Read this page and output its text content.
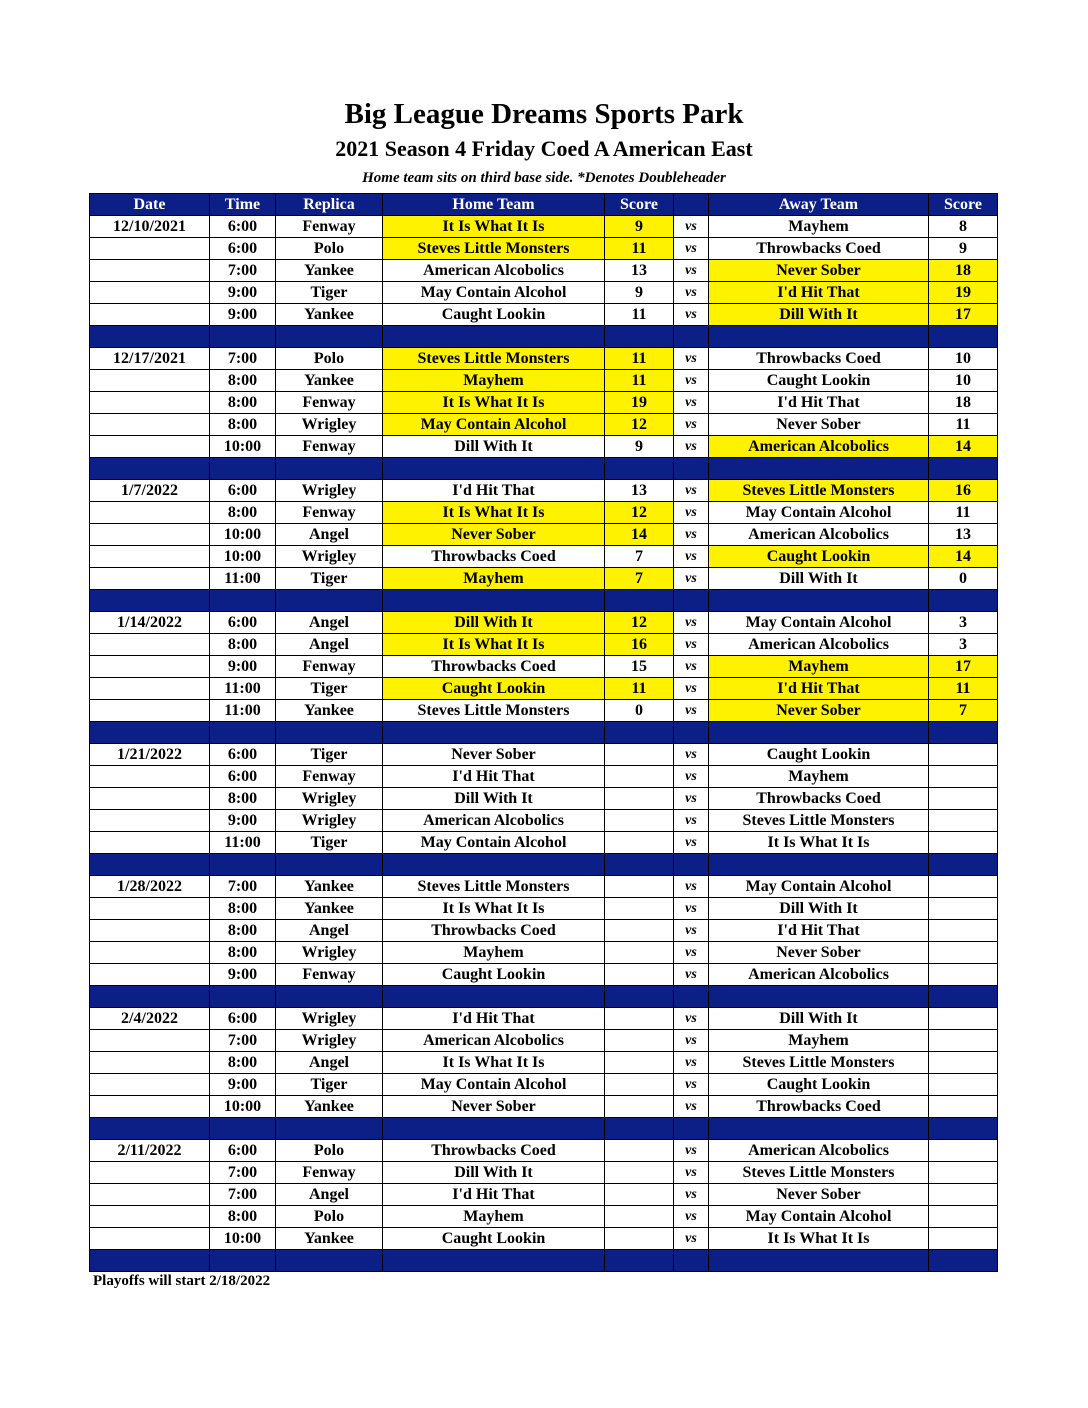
Big League Dreams Sports Park
2021 Season 4 Friday Coed A American East
Home team sits on third base side. *Denotes Doubleheader
Date	Time	Replica	Home Team	Score		Away Team	Score
12/10/2021	6:00	Fenway	It Is What It Is	9	vs	Mayhem	8
	6:00	Polo	Steves Little Monsters	11	vs	Throwbacks Coed	9
	7:00	Yankee	American Alcobolics	13	vs	Never Sober	18
	9:00	Tiger	May Contain Alcohol	9	vs	I'd Hit That	19
	9:00	Yankee	Caught Lookin	11	vs	Dill With It	17

12/17/2021	7:00	Polo	Steves Little Monsters	11	vs	Throwbacks Coed	10
	8:00	Yankee	Mayhem	11	vs	Caught Lookin	10
	8:00	Fenway	It Is What It Is	19	vs	I'd Hit That	18
	8:00	Wrigley	May Contain Alcohol	12	vs	Never Sober	11
	10:00	Fenway	Dill With It	9	vs	American Alcobolics	14

1/7/2022	6:00	Wrigley	I'd Hit That	13	vs	Steves Little Monsters	16
	8:00	Fenway	It Is What It Is	12	vs	May Contain Alcohol	11
	10:00	Angel	Never Sober	14	vs	American Alcobolics	13
	10:00	Wrigley	Throwbacks Coed	7	vs	Caught Lookin	14
	11:00	Tiger	Mayhem	7	vs	Dill With It	0

1/14/2022	6:00	Angel	Dill With It	12	vs	May Contain Alcohol	3
	8:00	Angel	It Is What It Is	16	vs	American Alcobolics	3
	9:00	Fenway	Throwbacks Coed	15	vs	Mayhem	17
	11:00	Tiger	Caught Lookin	11	vs	I'd Hit That	11
	11:00	Yankee	Steves Little Monsters	0	vs	Never Sober	7

1/21/2022	6:00	Tiger	Never Sober		vs	Caught Lookin	
	6:00	Fenway	I'd Hit That		vs	Mayhem	
	8:00	Wrigley	Dill With It		vs	Throwbacks Coed	
	9:00	Wrigley	American Alcobolics		vs	Steves Little Monsters	
	11:00	Tiger	May Contain Alcohol		vs	It Is What It Is	

1/28/2022	7:00	Yankee	Steves Little Monsters		vs	May Contain Alcohol	
	8:00	Yankee	It Is What It Is		vs	Dill With It	
	8:00	Angel	Throwbacks Coed		vs	I'd Hit That	
	8:00	Wrigley	Mayhem		vs	Never Sober	
	9:00	Fenway	Caught Lookin		vs	American Alcobolics	

2/4/2022	6:00	Wrigley	I'd Hit That		vs	Dill With It	
	7:00	Wrigley	American Alcobolics		vs	Mayhem	
	8:00	Angel	It Is What It Is		vs	Steves Little Monsters	
	9:00	Tiger	May Contain Alcohol		vs	Caught Lookin	
	10:00	Yankee	Never Sober		vs	Throwbacks Coed	

2/11/2022	6:00	Polo	Throwbacks Coed		vs	American Alcobolics	
	7:00	Fenway	Dill With It		vs	Steves Little Monsters	
	7:00	Angel	I'd Hit That		vs	Never Sober	
	8:00	Polo	Mayhem		vs	May Contain Alcohol	
	10:00	Yankee	Caught Lookin		vs	It Is What It Is	

Playoffs will start 2/18/2022
